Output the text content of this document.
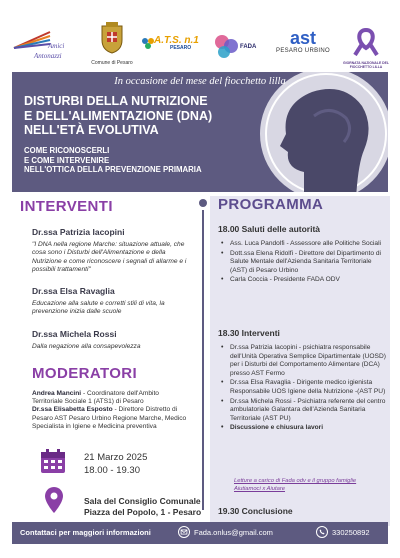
Amici
Antonazzi
Comune di Pesaro
A.T.S. n.1
PESARO	FADA	ast
PESARO URBINO
GIORNATA NAZIONALE DEL FIOCCHETTO LILLA
In occasione del mese del fiocchetto lilla
DISTURBI DELLA NUTRIZIONE
E DELL'ALIMENTAZIONE (DNA)
NELL'ETÀ EVOLUTIVA
COME RICONOSCERLI
E COME INTERVENIRE
NELL'OTTICA DELLA PREVENZIONE PRIMARIA
INTERVENTI
Dr.ssa Patrizia Iacopini
"I DNA nella regione Marche: situazione attuale, che cosa sono i Disturbi dell'Alimentazione e della Nutrizione e come riconoscere i segnali di allarme e i possibili trattamenti"
Dr.ssa Elsa Ravaglia
Educazione alla salute e corretti stili di vita, la prevenzione inizia dalle scuole
Dr.ssa Michela Rossi
Dalla negazione alla consapevolezza
MODERATORI
Andrea Mancini - Coordinatore dell'Ambito Territoriale Sociale 1 (ATS1) di Pesaro
Dr.ssa Elisabetta Esposto - Direttore Distretto di Pesaro AST Pesaro Urbino Regione Marche, Medico Specialista in Igiene e Medicina preventiva
21 Marzo 2025
18.00 - 19.30
Sala del Consiglio Comunale Piazza del Popolo, 1 - Pesaro
PROGRAMMA
18.00 Saluti delle autorità
• Ass. Luca Pandolfi - Assessore alle Politiche Sociali
• Dott.ssa Elena Ridolfi - Direttore del Dipartimento di Salute Mentale dell'Azienda Sanitaria Territoriale (AST) di Pesaro Urbino
• Carla Coccia - Presidente FADA ODV
18.30 Interventi
• Dr.ssa Patrizia Iacopini - psichiatra responsabile dell'Unità Operativa Semplice Dipartimentale (UOSD) per i Disturbi del Comportamento Alimentare (DCA) presso AST Fermo
• Dr.ssa Elsa Ravaglia - Dirigente medico igienista Responsabile UOS Igiene della Nutrizione -(AST PU)
• Dr.ssa Michela Rossi - Psichiatra referente del centro ambulatoriale Galantara dell'Azienda Sanitaria Territoriale (AST PU)
• Discussione e chiusura lavori
Letture a carico di Fada odv e il gruppo famiglie Aiutiamoci x Aiutare
19.30 Conclusione
Contattaci per maggiori informazioni	Fada.onlus@gmail.com	330250892
